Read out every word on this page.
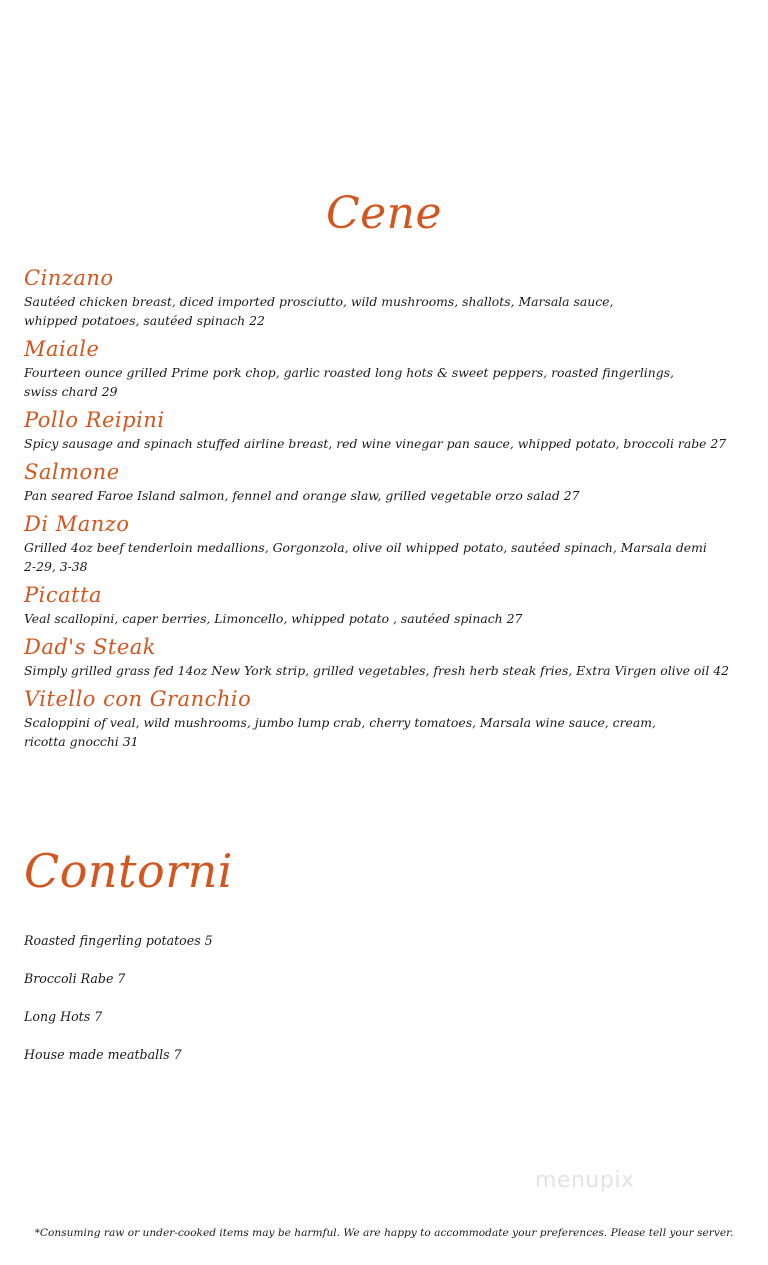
Cene
Cinzano
Sautéed chicken breast, diced imported prosciutto, wild mushrooms, shallots, Marsala sauce,
whipped potatoes, sautéed spinach 22
Maiale
Fourteen ounce grilled Prime pork chop, garlic roasted long hots & sweet peppers, roasted fingerlings,
swiss chard 29
Pollo Reipini
Spicy sausage and spinach stuffed airline breast, red wine vinegar pan sauce, whipped potato, broccoli rabe 27
Salmone
Pan seared Faroe Island salmon, fennel and orange slaw, grilled vegetable orzo salad 27
Di Manzo
Grilled 4oz beef tenderloin medallions, Gorgonzola, olive oil whipped potato, sautéed spinach, Marsala demi
2-29, 3-38
Picatta
Veal scallopini, caper berries, Limoncello, whipped potato , sautéed spinach 27
Dad's Steak
Simply grilled grass fed 14oz New York strip, grilled vegetables, fresh herb steak fries, Extra Virgen olive oil 42
Vitello con Granchio
Scaloppini of veal, wild mushrooms, jumbo lump crab, cherry tomatoes, Marsala wine sauce, cream,
ricotta gnocchi 31
Contorni
Roasted fingerling potatoes 5
Broccoli Rabe 7
Long Hots 7
House made meatballs 7
menupix
*Consuming raw or under-cooked items may be harmful. We are happy to accommodate your preferences. Please tell your server.
